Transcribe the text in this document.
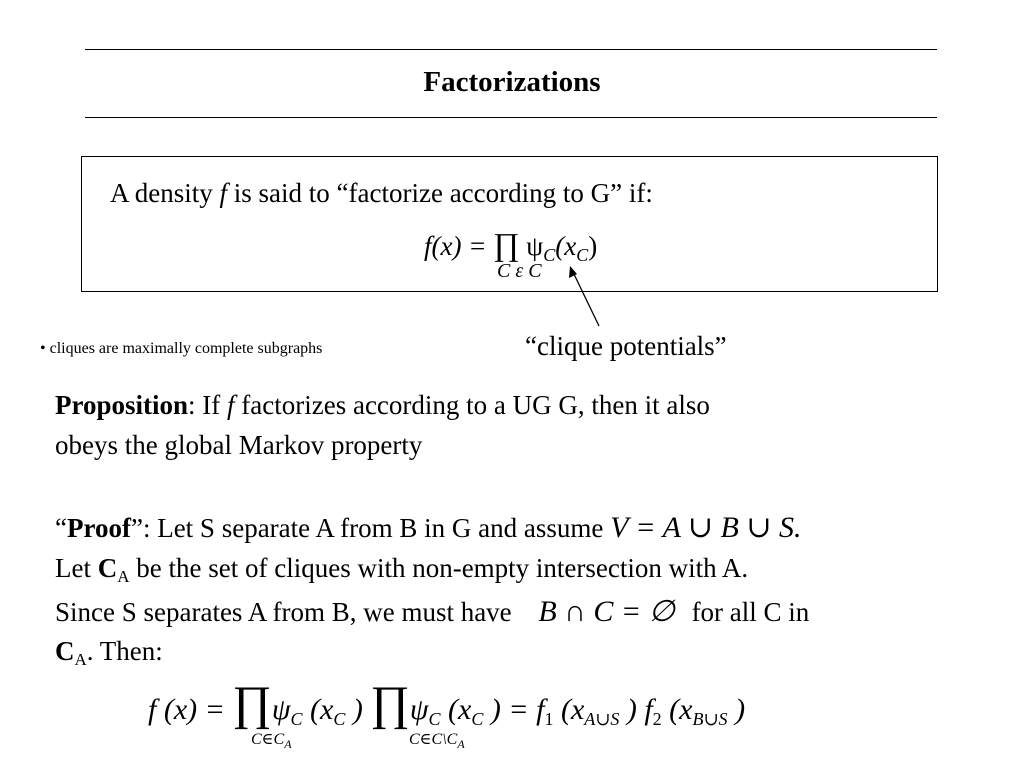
Factorizations
A density f is said to “factorize according to G” if:
f(x) = ∏ $\psi_C(x_C)$
C ε C
• cliques are maximally complete subgraphs	“clique potentials”
Proposition: If f factorizes according to a UG G, then it also
obeys the global Markov property
“Proof”: Let S separate A from B in G and assume V = A ∪ B ∪ S.
Let CA be the set of cliques with non-empty intersection with A.
Since S separates A from B, we must have B ∩ C = ∅ for all C in
CA. Then:
f $(x) = \prod\psi_C$ ($x_C$ ) $\prod\psi_C$ ($x_C$ ) = $f_1$ ($x_{A\cup S}$ ) $f_2$ ($x_{B\cup S}$ )
$C\in C_A$	$C\in C\backslash C_A$
